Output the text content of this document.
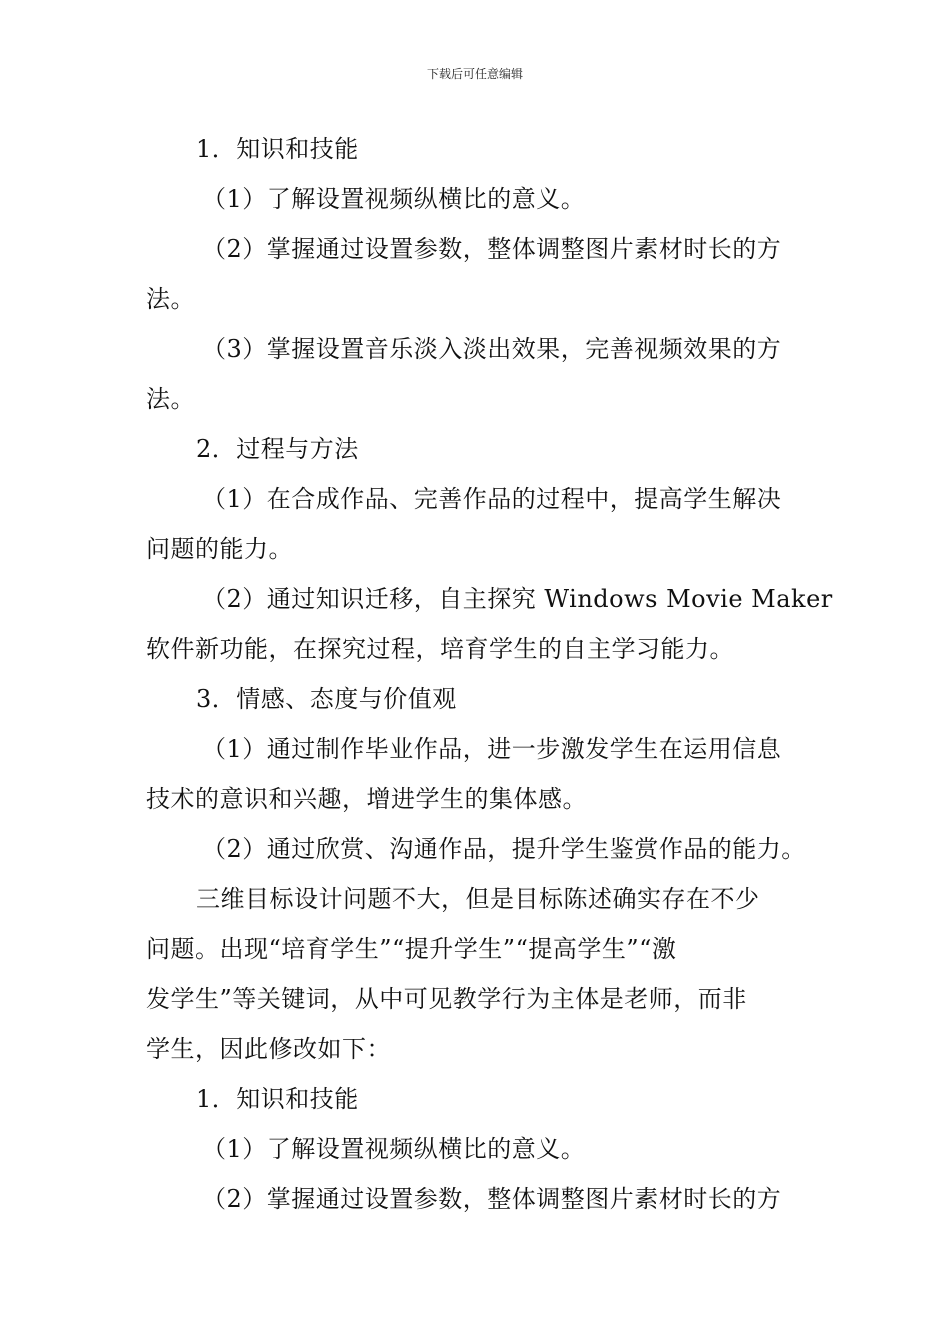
下载后可任意编辑
1．知识和技能
（1）了解设置视频纵横比的意义。
（2）掌握通过设置参数，整体调整图片素材时长的方
法。
（3）掌握设置音乐淡入淡出效果，完善视频效果的方
法。
2．过程与方法
（1）在合成作品、完善作品的过程中，提高学生解决
问题的能力。
（2）通过知识迁移，自主探究 Windows Movie Maker
软件新功能，在探究过程，培育学生的自主学习能力。
3．情感、态度与价值观
（1）通过制作毕业作品，进一步激发学生在运用信息
技术的意识和兴趣，增进学生的集体感。
（2）通过欣赏、沟通作品，提升学生鉴赏作品的能力。
三维目标设计问题不大，但是目标陈述确实存在不少
问题。出现“培育学生”“提升学生”“提高学生”“激
发学生”等关键词，从中可见教学行为主体是老师，而非
学生，因此修改如下：
1．知识和技能
（1）了解设置视频纵横比的意义。
（2）掌握通过设置参数，整体调整图片素材时长的方
